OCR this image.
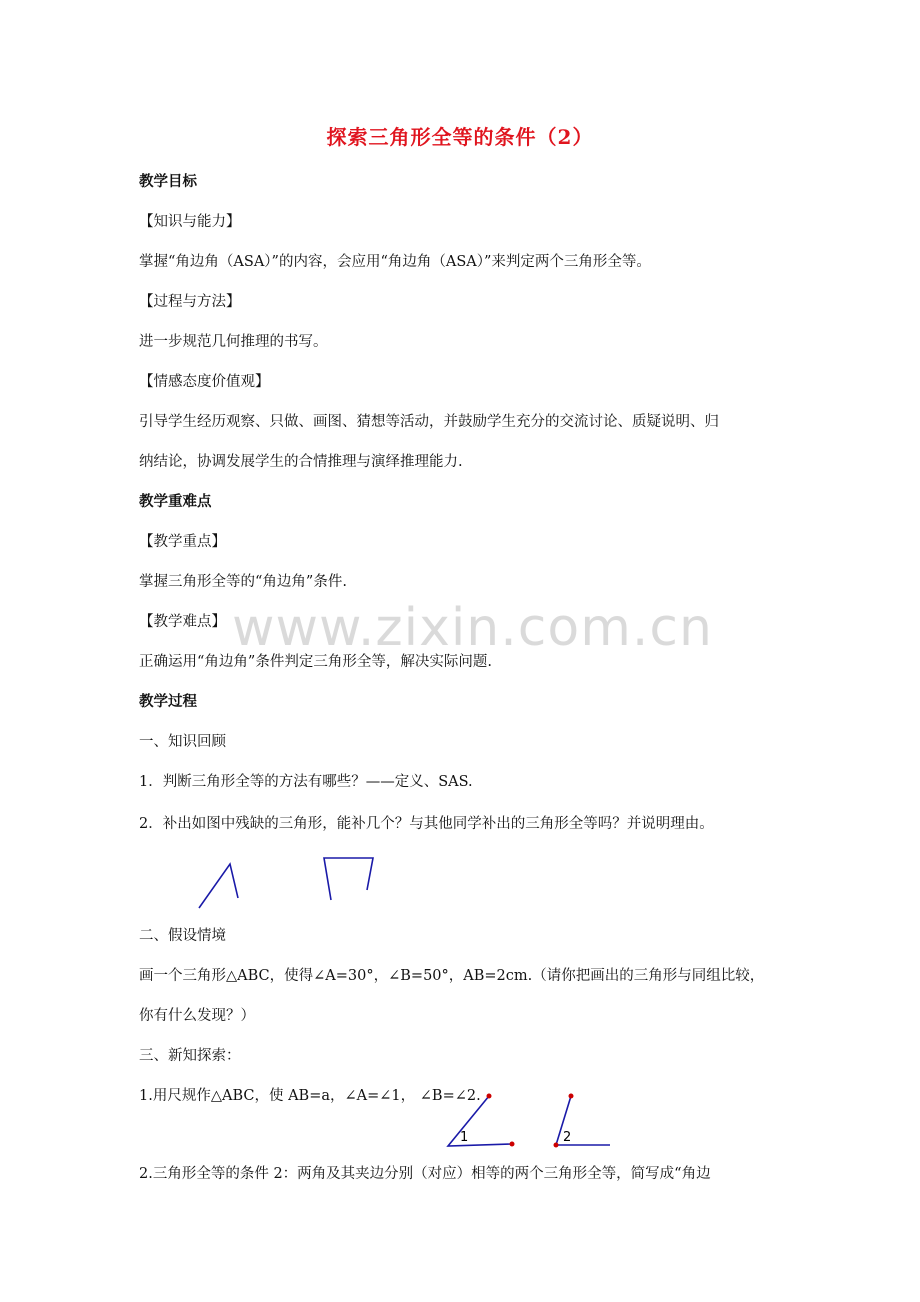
探索三角形全等的条件（2）
教学目标
【知识与能力】
掌握“角边角（ASA）”的内容，会应用“角边角（ASA）”来判定两个三角形全等。
【过程与方法】
进一步规范几何推理的书写。
【情感态度价值观】
引导学生经历观察、只做、画图、猜想等活动，并鼓励学生充分的交流讨论、质疑说明、归
纳结论，协调发展学生的合情推理与演绎推理能力.
教学重难点
【教学重点】
掌握三角形全等的“角边角”条件.
【教学难点】
正确运用“角边角”条件判定三角形全等，解决实际问题.
教学过程
一、知识回顾
1．判断三角形全等的方法有哪些？——定义、SAS.
2．补出如图中残缺的三角形，能补几个？与其他同学补出的三角形全等吗？并说明理由。
二、假设情境
画一个三角形△ABC，使得∠A=30°，∠B=50°，AB=2cm.（请你把画出的三角形与同组比较，
你有什么发现？）
三、新知探索：
1.用尺规作△ABC，使 AB=a，∠A=∠1， ∠B=∠2.
2.三角形全等的条件 2：两角及其夹边分别（对应）相等的两个三角形全等，简写成“角边
www.zixin.com.cn
1	2
